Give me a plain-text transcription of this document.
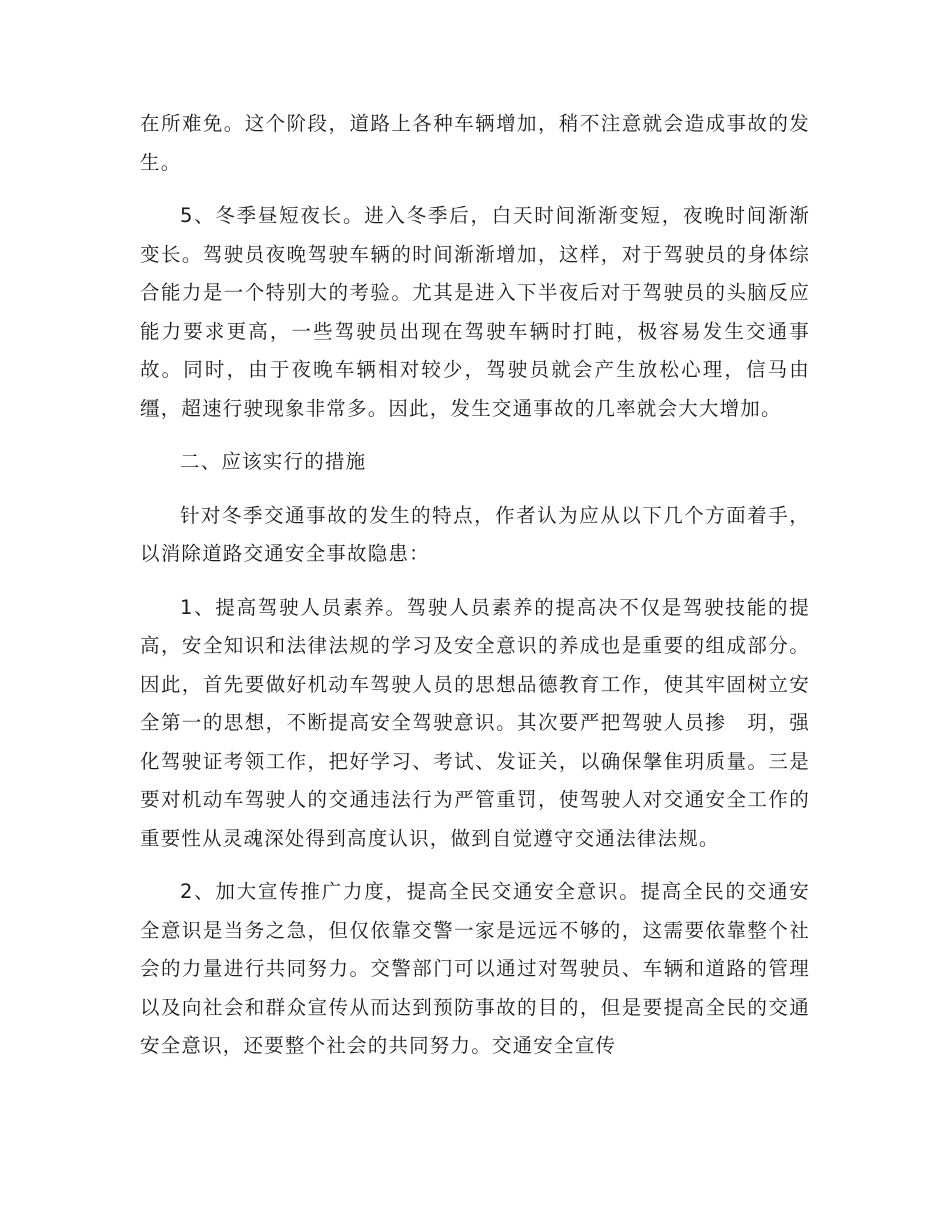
在所难免。这个阶段，道路上各种车辆增加，稍不注意就会造成事故的发生。

5、冬季昼短夜长。进入冬季后，白天时间渐渐变短，夜晚时间渐渐变长。驾驶员夜晚驾驶车辆的时间渐渐增加，这样，对于驾驶员的身体综合能力是一个特别大的考验。尤其是进入下半夜后对于驾驶员的头脑反应能力要求更高，一些驾驶员出现在驾驶车辆时打盹，极容易发生交通事故。同时，由于夜晚车辆相对较少，驾驶员就会产生放松心理，信马由缰，超速行驶现象非常多。因此，发生交通事故的几率就会大大增加。

二、应该实行的措施

针对冬季交通事故的发生的特点，作者认为应从以下几个方面着手，以消除道路交通安全事故隐患：

1、提高驾驶人员素养。驾驶人员素养的提高决不仅是驾驶技能的提高，安全知识和法律法规的学习及安全意识的养成也是重要的组成部分。因此，首先要做好机动车驾驶人员的思想品德教育工作，使其牢固树立安全第一的思想，不断提高安全驾驶意识。其次要严把驾驶人员掺　玥，强化驾驶证考领工作，把好学习、考试、发证关，以确保搫隹玥质量。三是要对机动车驾驶人的交通违法行为严管重罚，使驾驶人对交通安全工作的重要性从灵魂深处得到高度认识，做到自觉遵守交通法律法规。

2、加大宣传推广力度，提高全民交通安全意识。提高全民的交通安全意识是当务之急，但仅依靠交警一家是远远不够的，这需要依靠整个社会的力量进行共同努力。交警部门可以通过对驾驶员、车辆和道路的管理以及向社会和群众宣传从而达到预防事故的目的，但是要提高全民的交通安全意识，还要整个社会的共同努力。交通安全宣传
